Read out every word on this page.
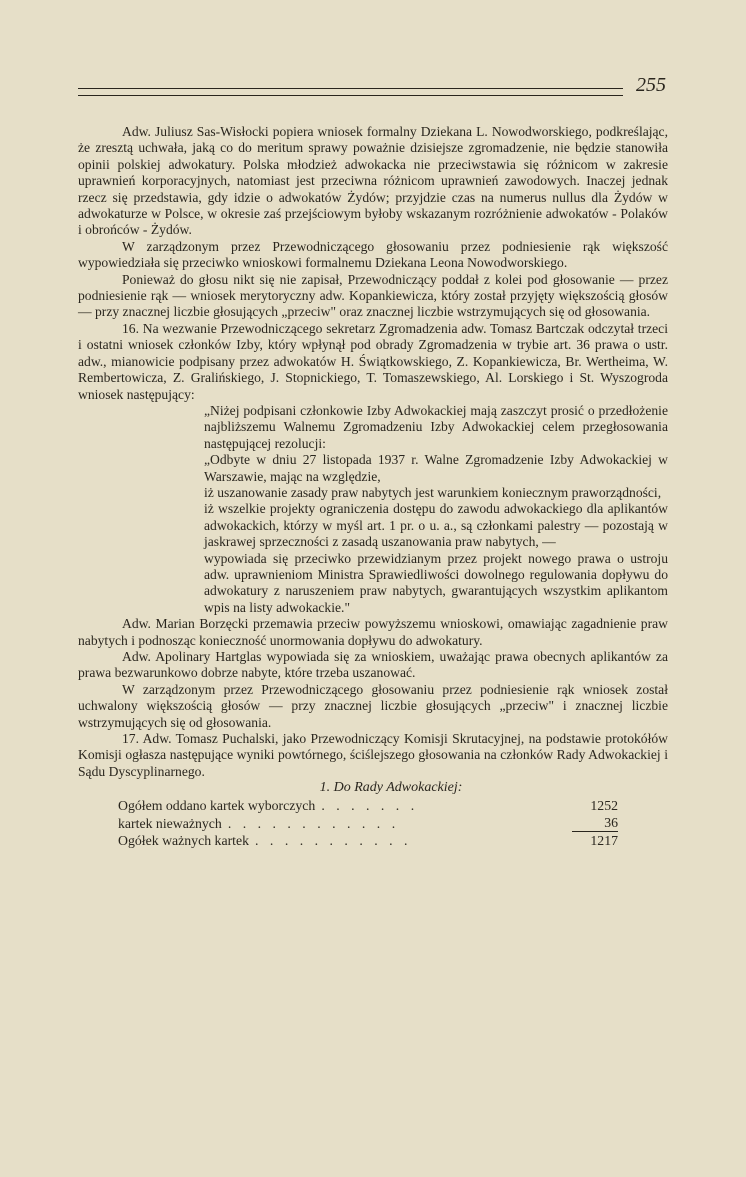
255

Adw. Juliusz Sas-Wisłocki popiera wniosek formalny Dziekana L. Nowodworskiego, podkreślając, że zresztą uchwała, jaką co do meritum sprawy poważnie dzisiejsze zgromadzenie, nie będzie stanowiła opinii polskiej adwokatury. Polska młodzież adwokacka nie przeciwstawia się różnicom w zakresie uprawnień korporacyjnych, natomiast jest przeciwna różnicom uprawnień zawodowych. Inaczej jednak rzecz się przedstawia, gdy idzie o adwokatów Żydów; przyjdzie czas na numerus nullus dla Żydów w adwokaturze w Polsce, w okresie zaś przejściowym byłoby wskazanym rozróżnienie adwokatów - Polaków i obrońców - Żydów.

W zarządzonym przez Przewodniczącego głosowaniu przez podniesienie rąk większość wypowiedziała się przeciwko wnioskowi formalnemu Dziekana Leona Nowodworskiego.

Ponieważ do głosu nikt się nie zapisał, Przewodniczący poddał z kolei pod głosowanie — przez podniesienie rąk — wniosek merytoryczny adw. Kopankiewicza, który został przyjęty większością głosów — przy znacznej liczbie głosujących „przeciw" oraz znacznej liczbie wstrzymujących się od głosowania.

16. Na wezwanie Przewodniczącego sekretarz Zgromadzenia adw. Tomasz Bartczak odczytał trzeci i ostatni wniosek członków Izby, który wpłynął pod obrady Zgromadzenia w trybie art. 36 prawa o ustr. adw., mianowicie podpisany przez adwokatów H. Świątkowskiego, Z. Kopankiewicza, Br. Wertheima, W. Rembertowicza, Z. Gralińskiego, J. Stopnickiego, T. Tomaszewskiego, Al. Lorskiego i St. Wyszogroda wniosek następujący:

„Niżej podpisani członkowie Izby Adwokackiej mają zaszczyt prosić o przedłożenie najbliższemu Walnemu Zgromadzeniu Izby Adwokackiej celem przegłosowania następującej rezolucji:

„Odbyte w dniu 27 listopada 1937 r. Walne Zgromadzenie Izby Adwokackiej w Warszawie, mając na względzie,

iż uszanowanie zasady praw nabytych jest warunkiem koniecznym praworządności,

iż wszelkie projekty ograniczenia dostępu do zawodu adwokackiego dla aplikantów adwokackich, którzy w myśl art. 1 pr. o u. a., są członkami palestry — pozostają w jaskrawej sprzeczności z zasadą uszanowania praw nabytych, —

wypowiada się przeciwko przewidzianym przez projekt nowego prawa o ustroju adw. uprawnieniom Ministra Sprawiedliwości dowolnego regulowania dopływu do adwokatury z naruszeniem praw nabytych, gwarantujących wszystkim aplikantom wpis na listy adwokackie."

Adw. Marian Borzęcki przemawia przeciw powyższemu wnioskowi, omawiając zagadnienie praw nabytych i podnosząc konieczność unormowania dopływu do adwokatury.

Adw. Apolinary Hartglas wypowiada się za wnioskiem, uważając prawa obecnych aplikantów za prawa bezwarunkowo dobrze nabyte, które trzeba uszanować.

W zarządzonym przez Przewodniczącego głosowaniu przez podniesienie rąk wniosek został uchwalony większością głosów — przy znacznej liczbie głosujących „przeciw" i znacznej liczbie wstrzymujących się od głosowania.

17. Adw. Tomasz Puchalski, jako Przewodniczący Komisji Skrutacyjnej, na podstawie protokółów Komisji ogłasza następujące wyniki powtórnego, ściślejszego głosowania na członków Rady Adwokackiej i Sądu Dyscyplinarnego.

1. Do Rady Adwokackiej:

Ogółem oddano kartek wyborczych . . . . . . .	1252
kartek nieważnych . . . . . . . . . . . .	36
Ogółek ważnych kartek . . . . . . . . . . .	1217
